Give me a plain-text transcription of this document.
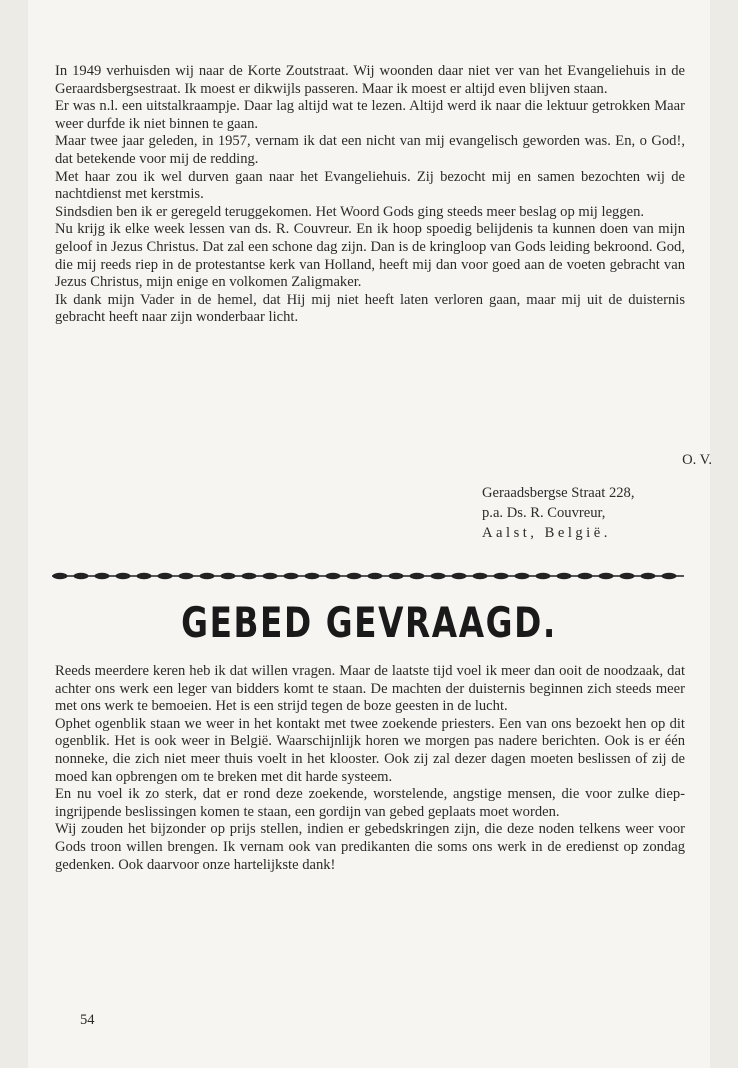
In 1949 verhuisden wij naar de Korte Zoutstraat. Wij woonden daar niet ver van het Evangeliehuis in de Geraardsbergsestraat. Ik moest er dikwijls passeren. Maar ik moest er altijd even blijven staan.

Er was n.l. een uitstalkraampje. Daar lag altijd wat te lezen. Altijd werd ik naar die lektuur getrokken Maar weer durfde ik niet binnen te gaan.

Maar twee jaar geleden, in 1957, vernam ik dat een nicht van mij evangelisch geworden was. En, o God!, dat betekende voor mij de redding.

Met haar zou ik wel durven gaan naar het Evangeliehuis. Zij bezocht mij en samen bezochten wij de nachtdienst met kerstmis.

Sindsdien ben ik er geregeld teruggekomen. Het Woord Gods ging steeds meer beslag op mij leggen.

Nu krijg ik elke week lessen van ds. R. Couvreur. En ik hoop spoedig belijdenis ta kunnen doen van mijn geloof in Jezus Christus. Dat zal een schone dag zijn. Dan is de kringloop van Gods leiding bekroond. God, die mij reeds riep in de protestantse kerk van Holland, heeft mij dan voor goed aan de voeten gebracht van Jezus Christus, mijn enige en volkomen Zaligmaker.

Ik dank mijn Vader in de hemel, dat Hij mij niet heeft laten verloren gaan, maar mij uit de duisternis gebracht heeft naar zijn wonderbaar licht.

O. V.
Geraadsbergse Straat 228,
p.a. Ds. R. Couvreur,
Aalst, België.
GEBED GEVRAAGD.

Reeds meerdere keren heb ik dat willen vragen. Maar de laatste tijd voel ik meer dan ooit de noodzaak, dat achter ons werk een leger van bidders komt te staan. De machten der duisternis beginnen zich steeds meer met ons werk te bemoeien. Het is een strijd tegen de boze geesten in de lucht.

Ophet ogenblik staan we weer in het kontakt met twee zoekende priesters. Een van ons bezoekt hen op dit ogenblik. Het is ook weer in België. Waarschijnlijk horen we morgen pas nadere berichten. Ook is er één nonneke, die zich niet meer thuis voelt in het klooster. Ook zij zal dezer dagen moeten beslissen of zij de moed kan opbrengen om te breken met dit harde systeem.

En nu voel ik zo sterk, dat er rond deze zoekende, worstelende, angstige mensen, die voor zulke diep-ingrijpende beslissingen komen te staan, een gordijn van gebed geplaats moet worden.

Wij zouden het bijzonder op prijs stellen, indien er gebedskringen zijn, die deze noden telkens weer voor Gods troon willen brengen. Ik vernam ook van predikanten die soms ons werk in de eredienst op zondag gedenken. Ook daarvoor onze hartelijkste dank!

54
